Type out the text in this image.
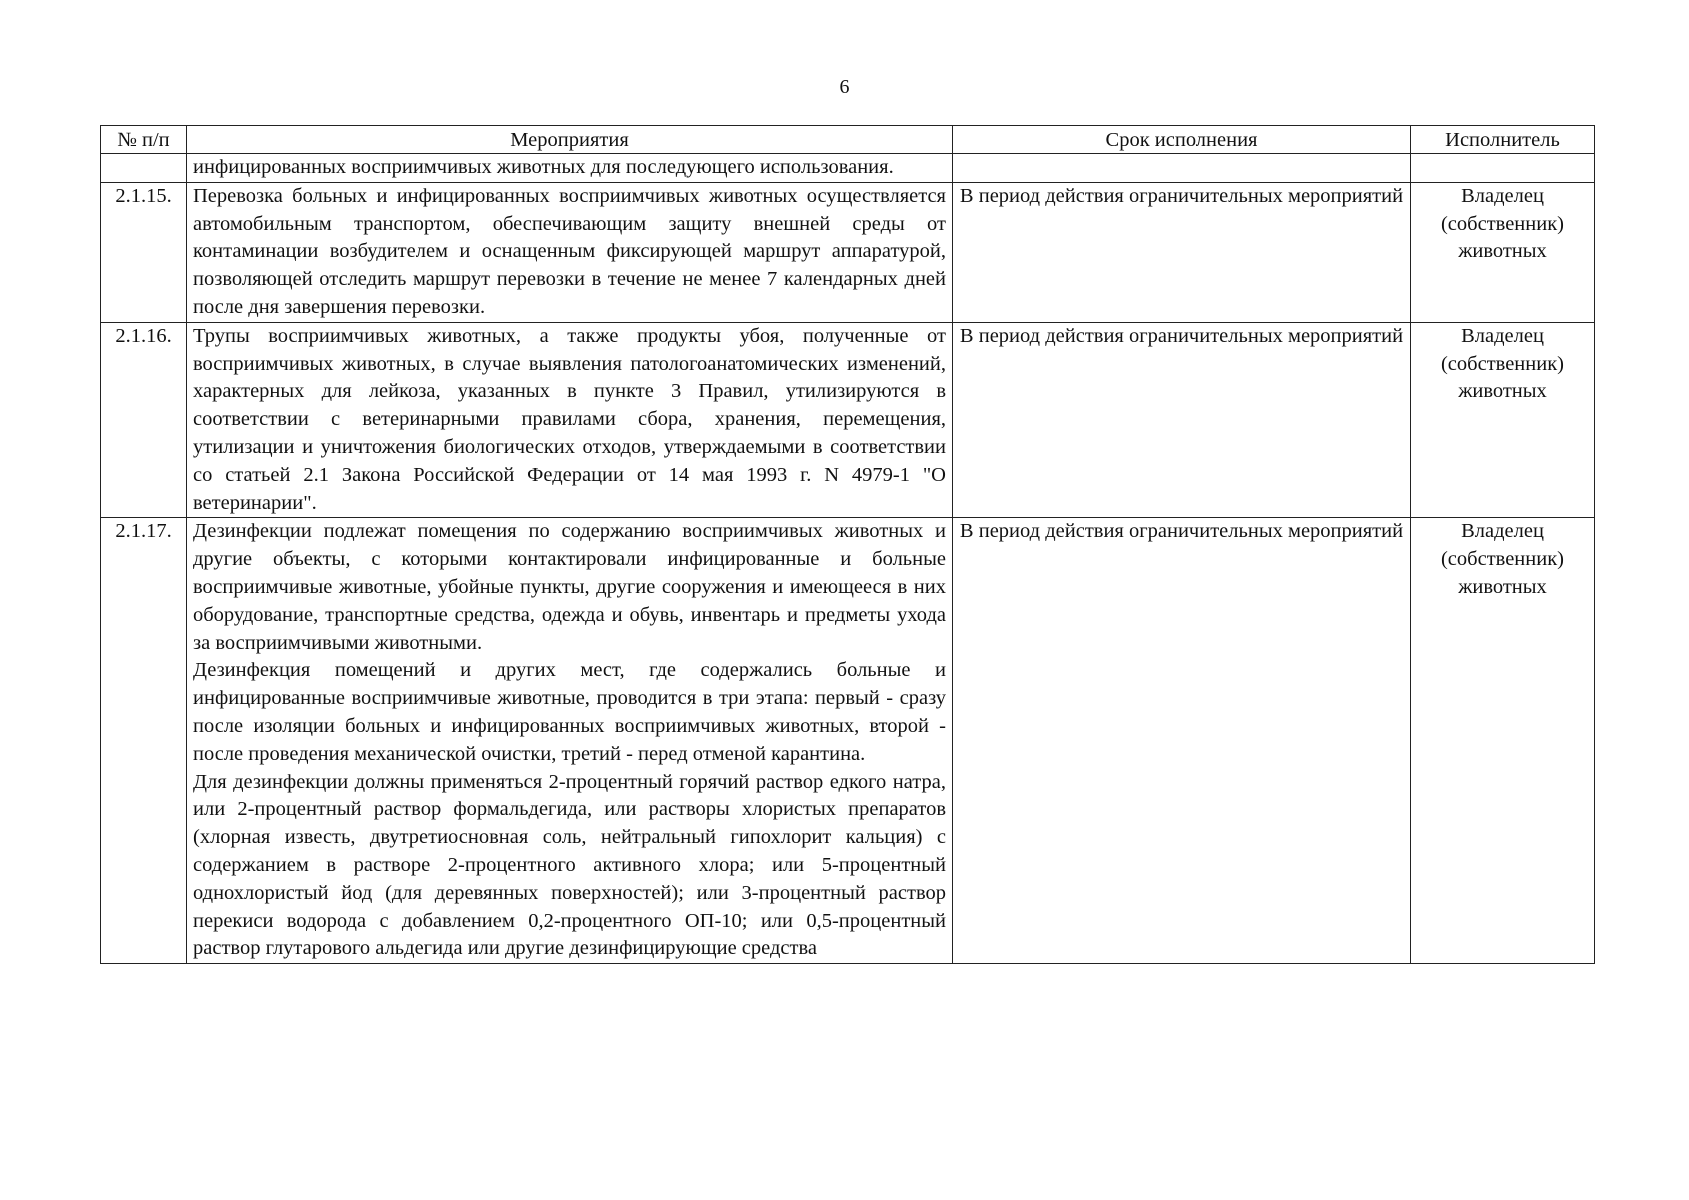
6
№ п/п	Мероприятия	Срок исполнения	Исполнитель
	инфицированных восприимчивых животных для последующего использования.		
2.1.15.	Перевозка больных и инфицированных восприимчивых животных осуществляется автомобильным транспортом, обеспечивающим защиту внешней среды от контаминации возбудителем и оснащенным фиксирующей маршрут аппаратурой, позволяющей отследить маршрут перевозки в течение не менее 7 календарных дней после дня завершения перевозки.	В период действия ограничительных мероприятий	Владелец (собственник) животных
2.1.16.	Трупы восприимчивых животных, а также продукты убоя, полученные от восприимчивых животных, в случае выявления патологоанатомических изменений, характерных для лейкоза, указанных в пункте 3 Правил, утилизируются в соответствии с ветеринарными правилами сбора, хранения, перемещения, утилизации и уничтожения биологических отходов, утверждаемыми в соответствии со статьей 2.1 Закона Российской Федерации от 14 мая 1993 г. N 4979-1 "О ветеринарии".	В период действия ограничительных мероприятий	Владелец (собственник) животных
2.1.17.	Дезинфекции подлежат помещения по содержанию восприимчивых животных и другие объекты, с которыми контактировали инфицированные и больные восприимчивые животные, убойные пункты, другие сооружения и имеющееся в них оборудование, транспортные средства, одежда и обувь, инвентарь и предметы ухода за восприимчивыми животными.

Дезинфекция помещений и других мест, где содержались больные и инфицированные восприимчивые животные, проводится в три этапа: первый - сразу после изоляции больных и инфицированных восприимчивых животных, второй - после проведения механической очистки, третий - перед отменой карантина.

Для дезинфекции должны применяться 2-процентный горячий раствор едкого натра, или 2-процентный раствор формальдегида, или растворы хлористых препаратов (хлорная известь, двутретиосновная соль, нейтральный гипохлорит кальция) с содержанием в растворе 2-процентного активного хлора; или 5-процентный однохлористый йод (для деревянных поверхностей); или 3-процентный раствор перекиси водорода с добавлением 0,2-процентного ОП-10; или 0,5-процентный раствор глутарового альдегида или другие дезинфицирующие средства	В период действия ограничительных мероприятий	Владелец (собственник) животных
